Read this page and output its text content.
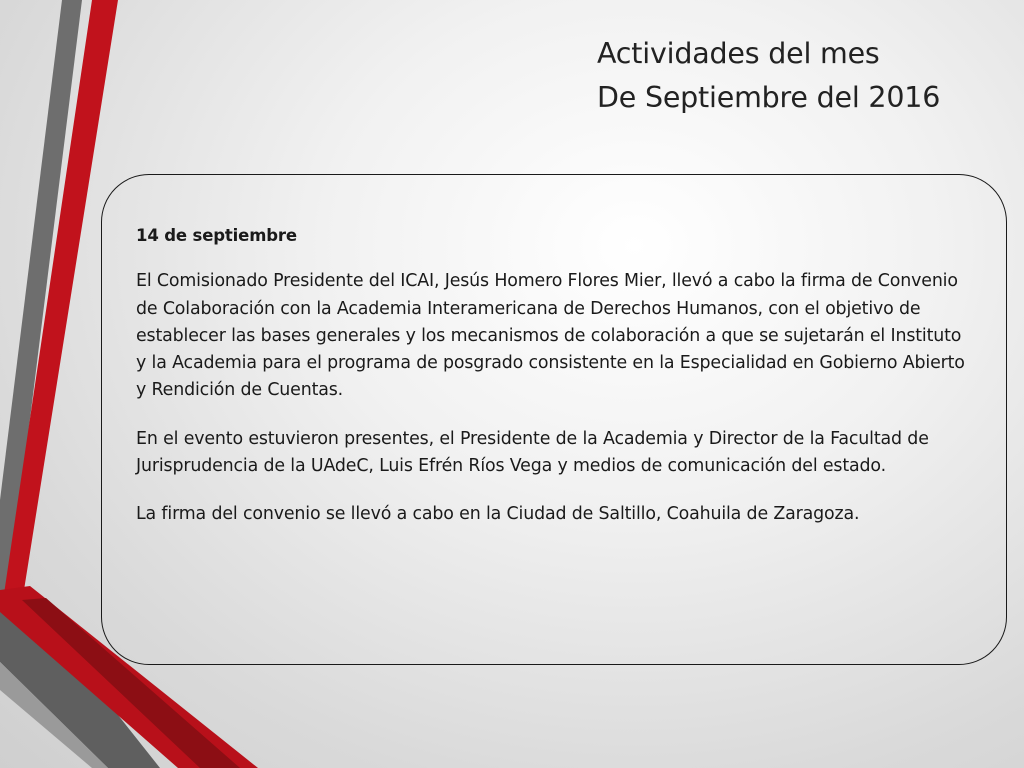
Actividades del mes
De Septiembre del 2016

14 de septiembre

El Comisionado Presidente del ICAI, Jesús Homero Flores Mier, llevó a cabo la firma de Convenio de Colaboración con la Academia Interamericana de Derechos Humanos, con el objetivo de establecer las bases generales y los mecanismos de colaboración a que se sujetarán el Instituto y la Academia para el programa de posgrado consistente en la Especialidad en Gobierno Abierto y Rendición de Cuentas.

En el evento estuvieron presentes, el Presidente de la Academia y Director de la Facultad de Jurisprudencia de la UAdeC, Luis Efrén Ríos Vega y medios de comunicación del estado.

La firma del convenio se llevó a cabo en la Ciudad de Saltillo, Coahuila de Zaragoza.
